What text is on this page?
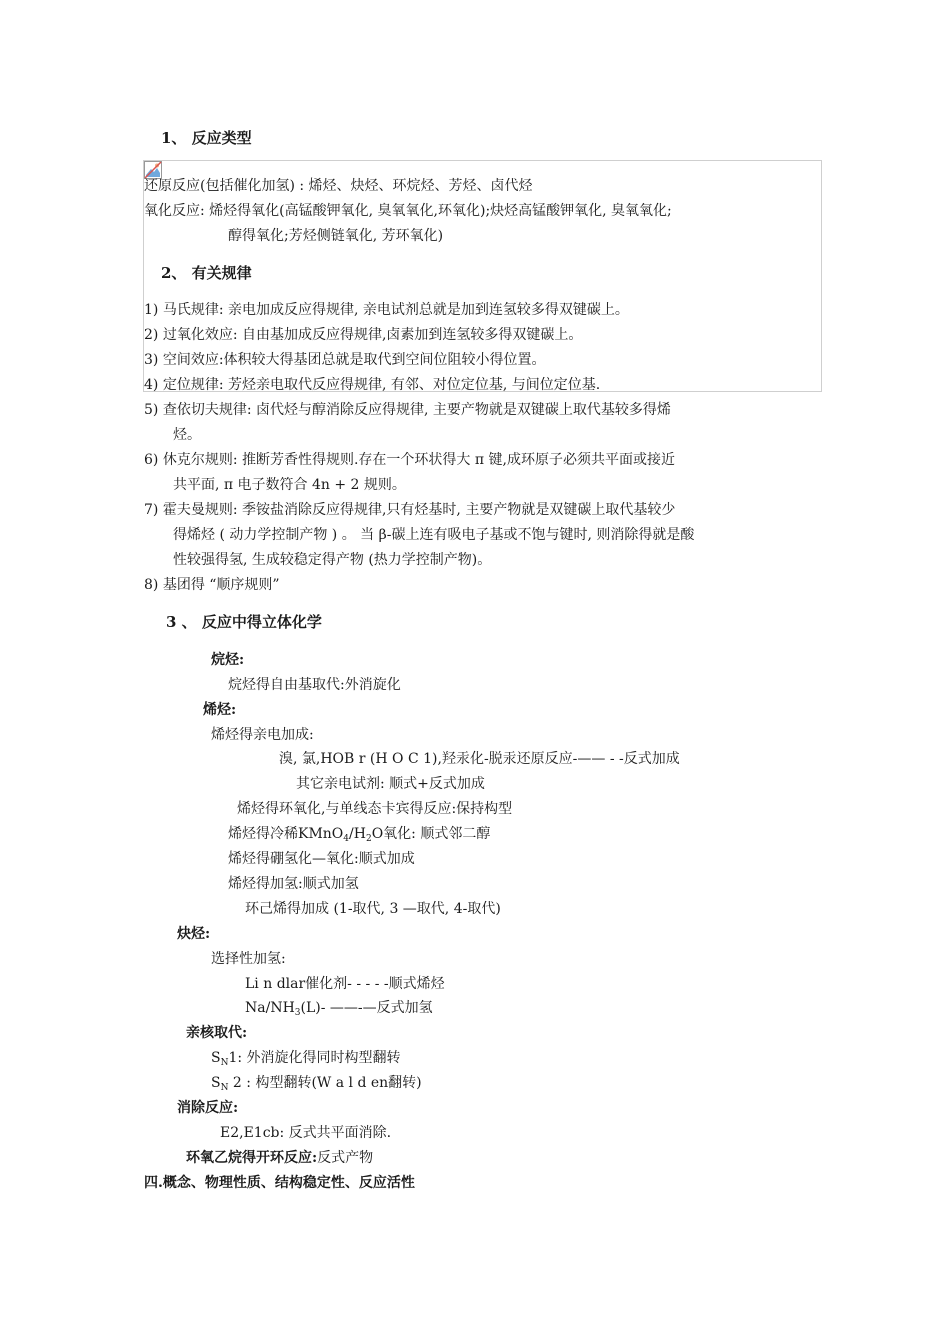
1、 反应类型
还原反应(包括催化加氢) : 烯烃、炔烃、环烷烃、芳烃、卤代烃
氧化反应: 烯烃得氧化(高锰酸钾氧化, 臭氧氧化,环氧化);炔烃高锰酸钾氧化, 臭氧氧化;
醇得氧化;芳烃侧链氧化, 芳环氧化)
2、 有关规律
1) 马氏规律: 亲电加成反应得规律, 亲电试剂总就是加到连氢较多得双键碳上。
2) 过氧化效应: 自由基加成反应得规律,卤素加到连氢较多得双键碳上。
3) 空间效应:体积较大得基团总就是取代到空间位阻较小得位置。
4) 定位规律: 芳烃亲电取代反应得规律, 有邻、对位定位基, 与间位定位基.
5) 查依切夫规律: 卤代烃与醇消除反应得规律, 主要产物就是双键碳上取代基较多得烯
烃。
6) 休克尔规则: 推断芳香性得规则.存在一个环状得大 π 键,成环原子必须共平面或接近
共平面, π 电子数符合 4n + 2 规则。
7) 霍夫曼规则: 季铵盐消除反应得规律,只有烃基时, 主要产物就是双键碳上取代基较少
得烯烃 ( 动力学控制产物 ) 。 当 β-碳上连有吸电子基或不饱与键时, 则消除得就是酸
性较强得氢, 生成较稳定得产物 (热力学控制产物)。
8) 基团得 “顺序规则”
3 、 反应中得立体化学
烷烃:
烷烃得自由基取代:外消旋化
烯烃:
烯烃得亲电加成:
溴, 氯,HOB r (H O C 1),羟汞化-脱汞还原反应-—— - -反式加成
其它亲电试剂: 顺式+反式加成
烯烃得环氧化,与单线态卡宾得反应:保持构型
烯烃得冷稀$KMnO_4/H_2O$氧化: 顺式邻二醇
烯烃得硼氢化—氧化:顺式加成
烯烃得加氢:顺式加氢
环己烯得加成 (1-取代, 3 —取代, 4-取代)
炔烃:
选择性加氢:
Li n dlar催化剂- - - - -顺式烯烃
$Na/NH_3(L)-$ ——-—反式加氢
亲核取代:
$S_N1$: 外消旋化得同时构型翻转
$S_N$ 2 : 构型翻转(W a l d en翻转)
消除反应:
E2,E1cb: 反式共平面消除.
环氧乙烷得开环反应:反式产物
四.概念、物理性质、结构稳定性、反应活性
